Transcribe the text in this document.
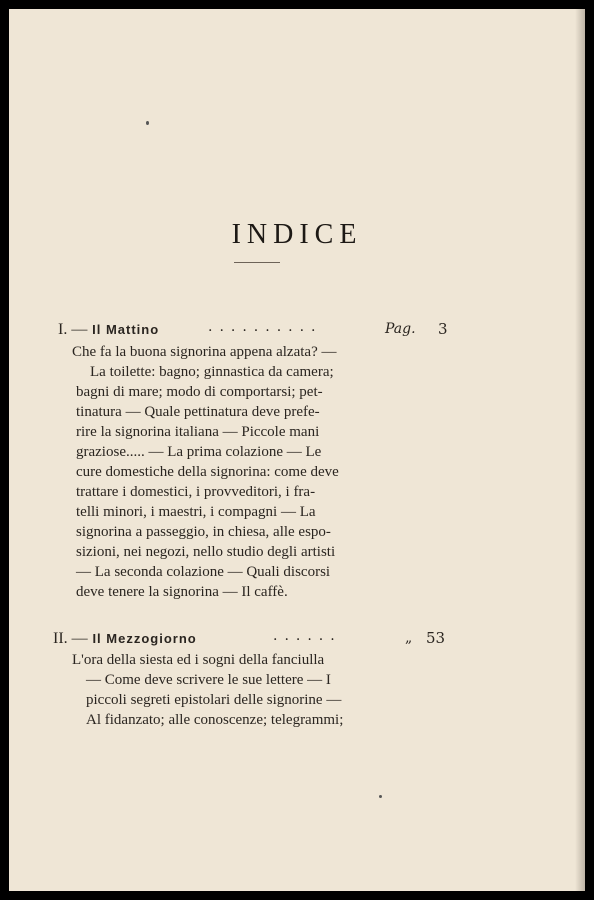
INDICE
I. — Il Mattino	..........	Pag. 3
Che fa la buona signorina appena alzata? —
La toilette: bagno; ginnastica da camera;
bagni di mare; modo di comportarsi; pet-
tinatura — Quale pettinatura deve prefe-
rire la signorina italiana — Piccole mani
graziose..... — La prima colazione — Le
cure domestiche della signorina: come deve
trattare i domestici, i provveditori, i fra-
telli minori, i maestri, i compagni — La
signorina a passeggio, in chiesa, alle espo-
sizioni, nei negozi, nello studio degli artisti
— La seconda colazione — Quali discorsi
deve tenere la signorina — Il caffè.
II. — Il Mezzogiorno	......	„ 53
L'ora della siesta ed i sogni della fanciulla
— Come deve scrivere le sue lettere — I
piccoli segreti epistolari delle signorine —
Al fidanzato; alle conoscenze; telegrammi;
